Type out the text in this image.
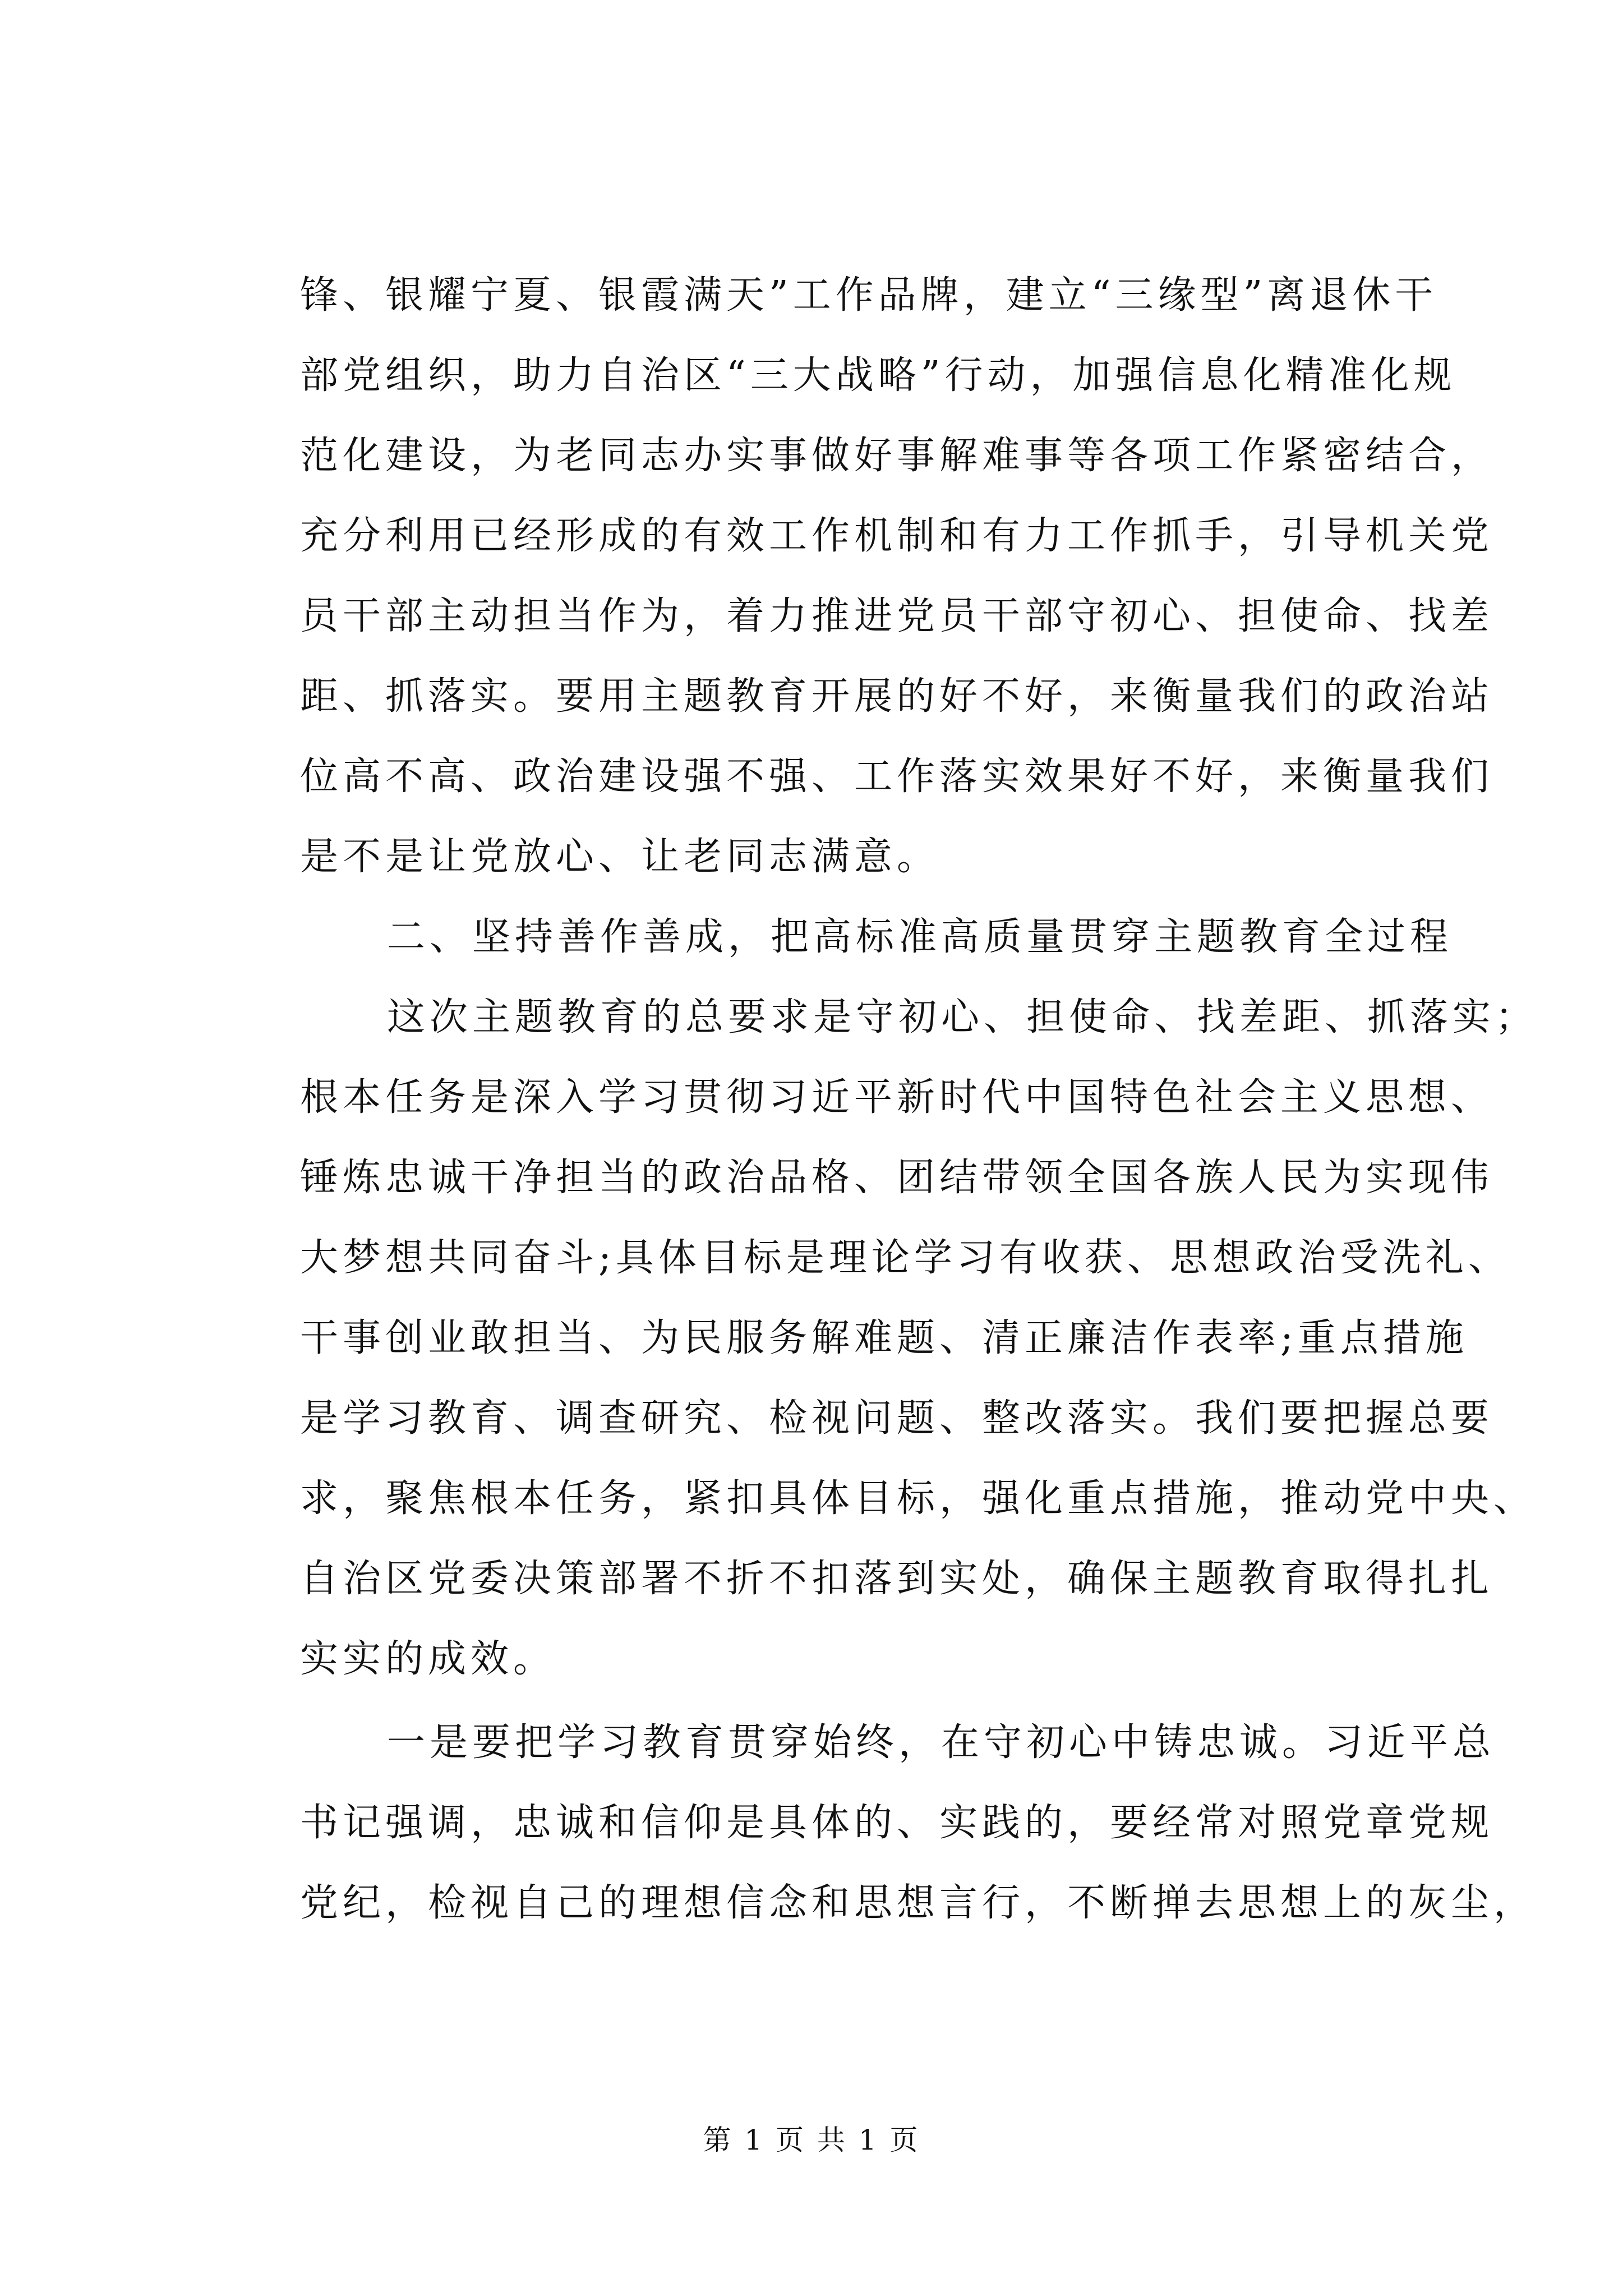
锋、银耀宁夏、银霞满天”工作品牌，建立“三缘型”离退休干
部党组织，助力自治区“三大战略”行动，加强信息化精准化规
范化建设，为老同志办实事做好事解难事等各项工作紧密结合，
充分利用已经形成的有效工作机制和有力工作抓手，引导机关党
员干部主动担当作为，着力推进党员干部守初心、担使命、找差
距、抓落实。要用主题教育开展的好不好，来衡量我们的政治站
位高不高、政治建设强不强、工作落实效果好不好，来衡量我们
是不是让党放心、让老同志满意。
二、坚持善作善成，把高标准高质量贯穿主题教育全过程
这次主题教育的总要求是守初心、担使命、找差距、抓落实；
根本任务是深入学习贯彻习近平新时代中国特色社会主义思想、
锤炼忠诚干净担当的政治品格、团结带领全国各族人民为实现伟
大梦想共同奋斗;具体目标是理论学习有收获、思想政治受洗礼、
干事创业敢担当、为民服务解难题、清正廉洁作表率;重点措施
是学习教育、调查研究、检视问题、整改落实。我们要把握总要
求，聚焦根本任务，紧扣具体目标，强化重点措施，推动党中央、
自治区党委决策部署不折不扣落到实处，确保主题教育取得扎扎
实实的成效。
一是要把学习教育贯穿始终，在守初心中铸忠诚。习近平总
书记强调，忠诚和信仰是具体的、实践的，要经常对照党章党规
党纪，检视自己的理想信念和思想言行，不断掸去思想上的灰尘，
第 1 页 共 1 页
